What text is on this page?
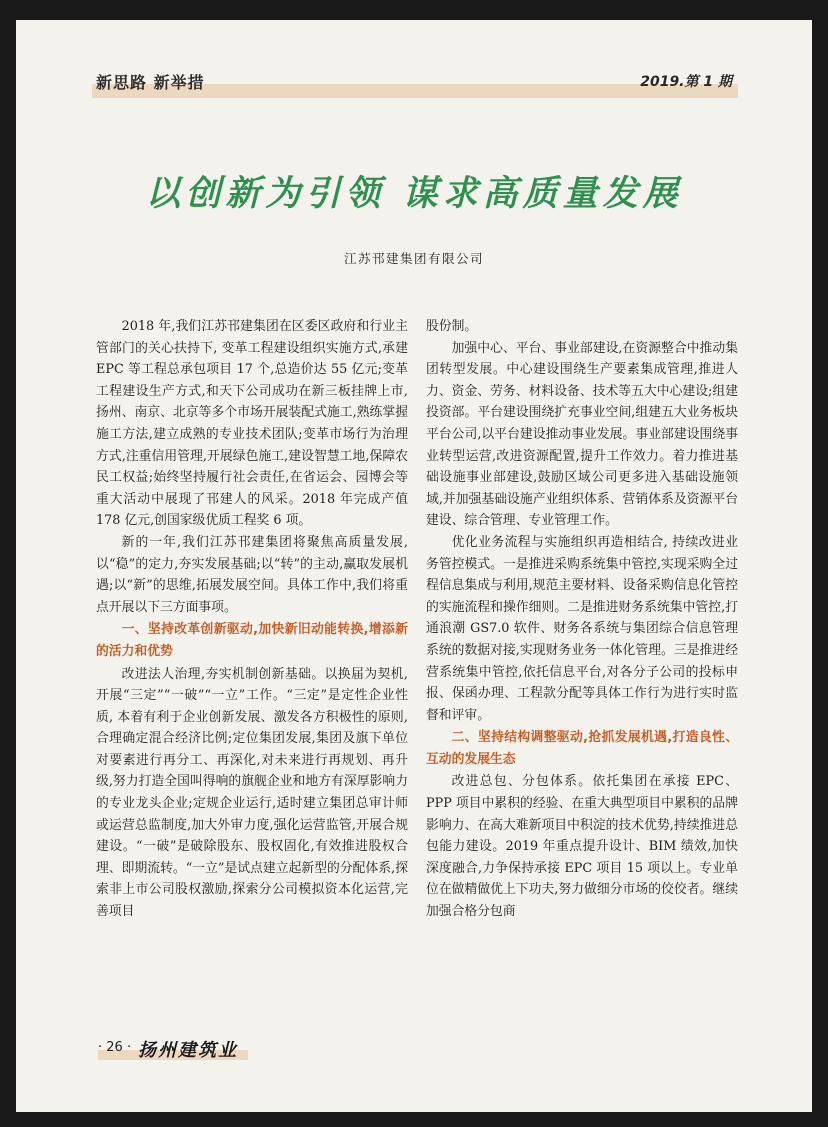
新思路 新举措	2019.第 1 期
以创新为引领 谋求高质量发展
江苏邗建集团有限公司

2018 年,我们江苏邗建集团在区委区政府和行业主管部门的关心扶持下, 变革工程建设组织实施方式,承建 EPC 等工程总承包项目 17 个,总造价达 55 亿元;变革工程建设生产方式,和天下公司成功在新三板挂牌上市,扬州、南京、北京等多个市场开展装配式施工,熟练掌握施工方法,建立成熟的专业技术团队;变革市场行为治理方式,注重信用管理,开展绿色施工,建设智慧工地,保障农民工权益;始终坚持履行社会责任,在省运会、园博会等重大活动中展现了邗建人的风采。2018 年完成产值 178 亿元,创国家级优质工程奖 6 项。

新的一年,我们江苏邗建集团将聚焦高质量发展,以“稳”的定力,夯实发展基础;以“转”的主动,赢取发展机遇;以“新”的思维,拓展发展空间。具体工作中,我们将重点开展以下三方面事项。

一、坚持改革创新驱动,加快新旧动能转换,增添新的活力和优势

改进法人治理,夯实机制创新基础。以换届为契机,开展“三定”“一破”“一立”工作。“三定”是定性企业性质, 本着有利于企业创新发展、激发各方积极性的原则, 合理确定混合经济比例;定位集团发展,集团及旗下单位对要素进行再分工、再深化,对未来进行再规划、再升级,努力打造全国叫得响的旗舰企业和地方有深厚影响力的专业龙头企业;定规企业运行,适时建立集团总审计师或运营总监制度,加大外审力度,强化运营监管,开展合规建设。“一破”是破除股东、股权固化,有效推进股权合理、即期流转。“一立”是试点建立起新型的分配体系,探索非上市公司股权激励,探索分公司模拟资本化运营,完善项目

股份制。

加强中心、平台、事业部建设,在资源整合中推动集团转型发展。中心建设围绕生产要素集成管理,推进人力、资金、劳务、材料设备、技术等五大中心建设;组建投资部。平台建设围绕扩充事业空间,组建五大业务板块平台公司,以平台建设推动事业发展。事业部建设围绕事业转型运营,改进资源配置,提升工作效力。着力推进基础设施事业部建设,鼓励区域公司更多进入基础设施领域,并加强基础设施产业组织体系、营销体系及资源平台建设、综合管理、专业管理工作。

优化业务流程与实施组织再造相结合, 持续改进业务管控模式。一是推进采购系统集中管控,实现采购全过程信息集成与利用,规范主要材料、设备采购信息化管控的实施流程和操作细则。二是推进财务系统集中管控,打通浪潮 GS7.0 软件、财务各系统与集团综合信息管理系统的数据对接,实现财务业务一体化管理。三是推进经营系统集中管控,依托信息平台,对各分子公司的投标申报、保函办理、工程款分配等具体工作行为进行实时监督和评审。

二、坚持结构调整驱动,抢抓发展机遇,打造良性、互动的发展生态

改进总包、分包体系。依托集团在承接 EPC、PPP 项目中累积的经验、在重大典型项目中累积的品牌影响力、在高大难新项目中积淀的技术优势,持续推进总包能力建设。2019 年重点提升设计、BIM 绩效,加快深度融合,力争保持承接 EPC 项目 15 项以上。专业单位在做精做优上下功夫,努力做细分市场的佼佼者。继续加强合格分包商

· 26 · 扬州建筑业
